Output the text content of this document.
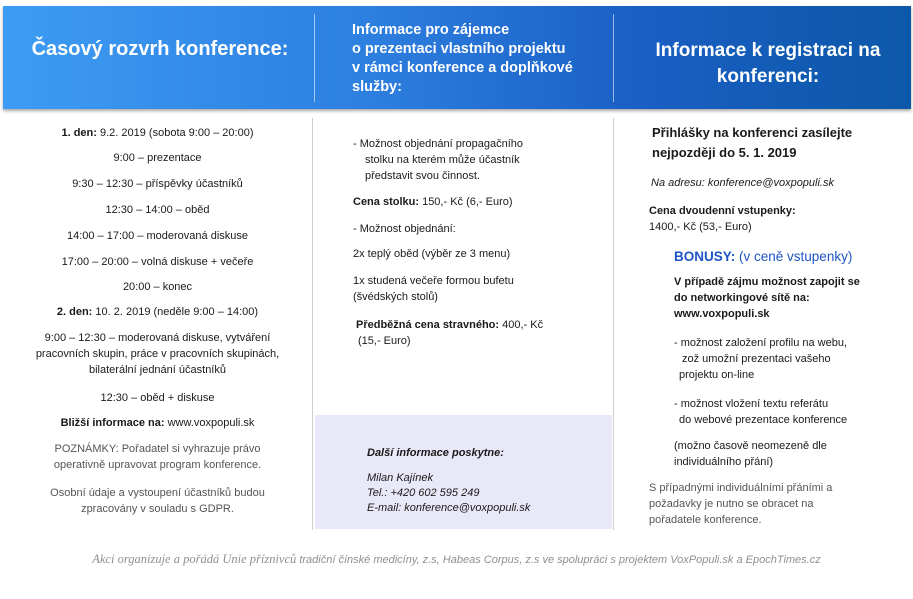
Časový rozvrh konference:
Informace pro zájemce
o prezentaci vlastního projektu
v rámci konference a doplňkové
služby:
Informace k registraci na
konferenci:

1. den: 9.2. 2019 (sobota 9:00 – 20:00)

9:00 – prezentace

9:30 – 12:30 – příspěvky účastníků

12:30 – 14:00 – oběd

14:00 – 17:00 – moderovaná diskuse

17:00 – 20:00 – volná diskuse + večeře

20:00 – konec

2. den: 10. 2. 2019 (neděle 9:00 – 14:00)

9:00 – 12:30 – moderovaná diskuse, vytváření
pracovních skupin, práce v pracovních skupinách,
bilaterální jednání účastníků

12:30 – oběd + diskuse

Bližší informace na: www.voxpopuli.sk

POZNÁMKY: Pořadatel si vyhrazuje právo
operativně upravovat program konference.
Osobní údaje a vystoupení účastníků budou
zpracovány v souladu s GDPR.
- Možnost objednání propagačního
stolku na kterém může účastník
představit svou činnost.

Cena stolku: 150,- Kč (6,- Euro)

- Možnost objednání:

2x teplý oběd (výběr ze 3 menu)

1x studená večeře formou bufetu
(švédských stolů)
Předběžná cena stravného: 400,- Kč
(15,- Euro)

Další informace poskytne:

Milan Kajínek

Tel.: +420 602 595 249

E-mail: konference@voxpopuli.sk

Přihlášky na konferenci zasílejte
nejpozději do 5. 1. 2019

Na adresu: konference@voxpopuli.sk

Cena dvoudenní vstupenky:
1400,- Kč (53,- Euro)

BONUSY: (v ceně vstupenky)

V případě zájmu možnost zapojit se
do networkingové sítě na:
www.voxpopuli.sk
- možnost založení profilu na webu,
zož umožní prezentaci vašeho
projektu on-line
- možnost vložení textu referátu
do webové prezentace konference
(možno časově neomezeně dle
individuálního přání)
S případnými individuálními přáními a
požadavky je nutno se obracet na
pořadatele konference.
Akci organizuje a pořádá Unie příznivců tradiční čínské medicíny, z.s, Habeas Corpus, z.s ve spolupráci s projektem VoxPopuli.sk a EpochTimes.cz
